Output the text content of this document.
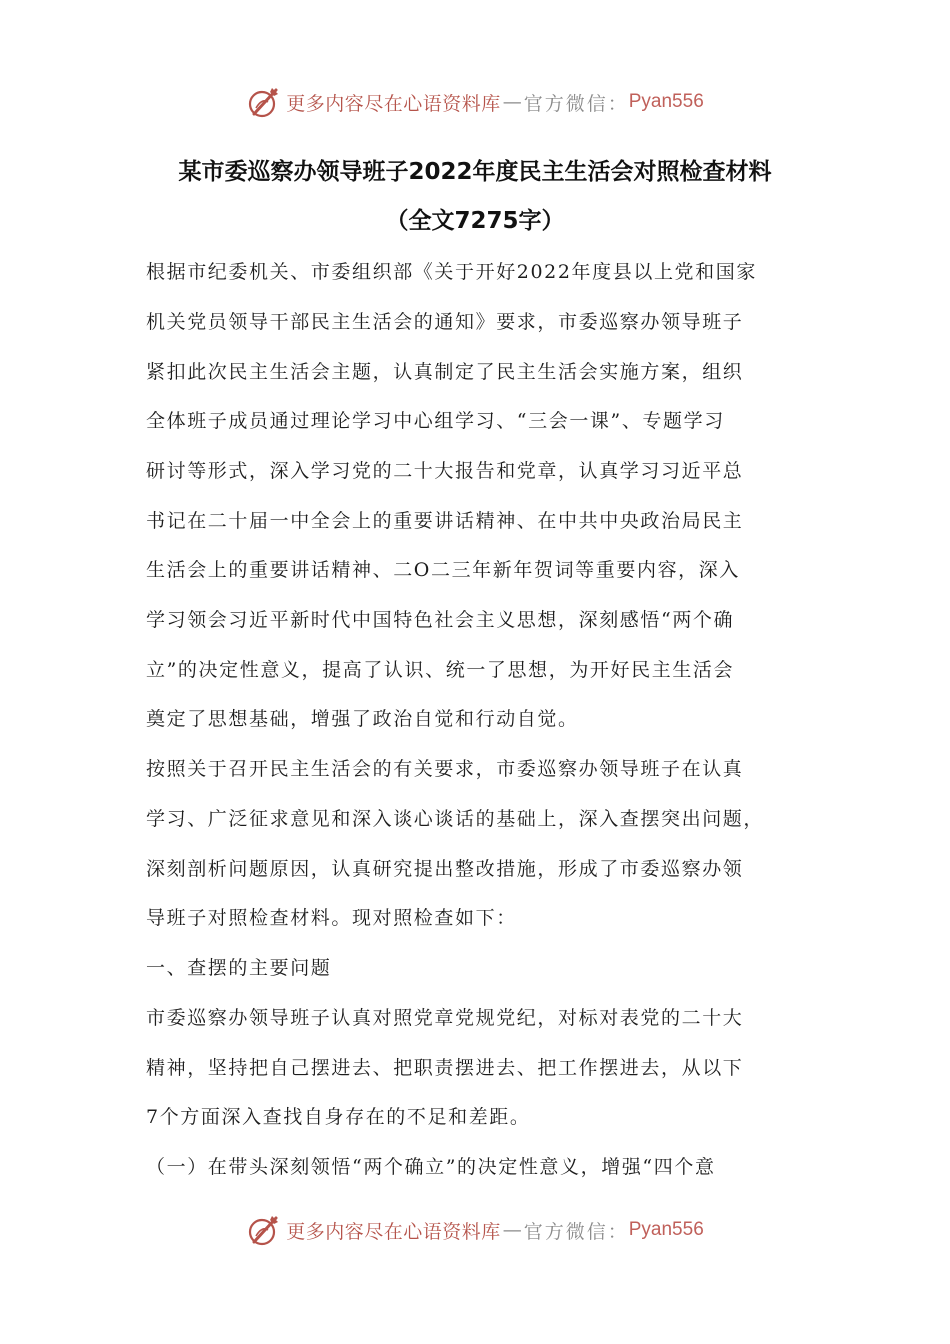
更多内容尽在心语资料库 — 官方微信： Pyan556
某市委巡察办领导班子2022年度民主生活会对照检查材料
（全文7275字）
根据市纪委机关、市委组织部《关于开好2022年度县以上党和国家
机关党员领导干部民主生活会的通知》要求，市委巡察办领导班子
紧扣此次民主生活会主题，认真制定了民主生活会实施方案，组织
全体班子成员通过理论学习中心组学习、“三会一课”、专题学习
研讨等形式，深入学习党的二十大报告和党章，认真学习习近平总
书记在二十届一中全会上的重要讲话精神、在中共中央政治局民主
生活会上的重要讲话精神、二O二三年新年贺词等重要内容，深入
学习领会习近平新时代中国特色社会主义思想，深刻感悟“两个确
立”的决定性意义，提高了认识、统一了思想，为开好民主生活会
奠定了思想基础，增强了政治自觉和行动自觉。
按照关于召开民主生活会的有关要求，市委巡察办领导班子在认真
学习、广泛征求意见和深入谈心谈话的基础上，深入查摆突出问题，
深刻剖析问题原因，认真研究提出整改措施，形成了市委巡察办领
导班子对照检查材料。现对照检查如下：
一、查摆的主要问题
市委巡察办领导班子认真对照党章党规党纪，对标对表党的二十大
精神，坚持把自己摆进去、把职责摆进去、把工作摆进去，从以下
7个方面深入查找自身存在的不足和差距。
（一）在带头深刻领悟“两个确立”的决定性意义，增强“四个意
更多内容尽在心语资料库 — 官方微信： Pyan556
